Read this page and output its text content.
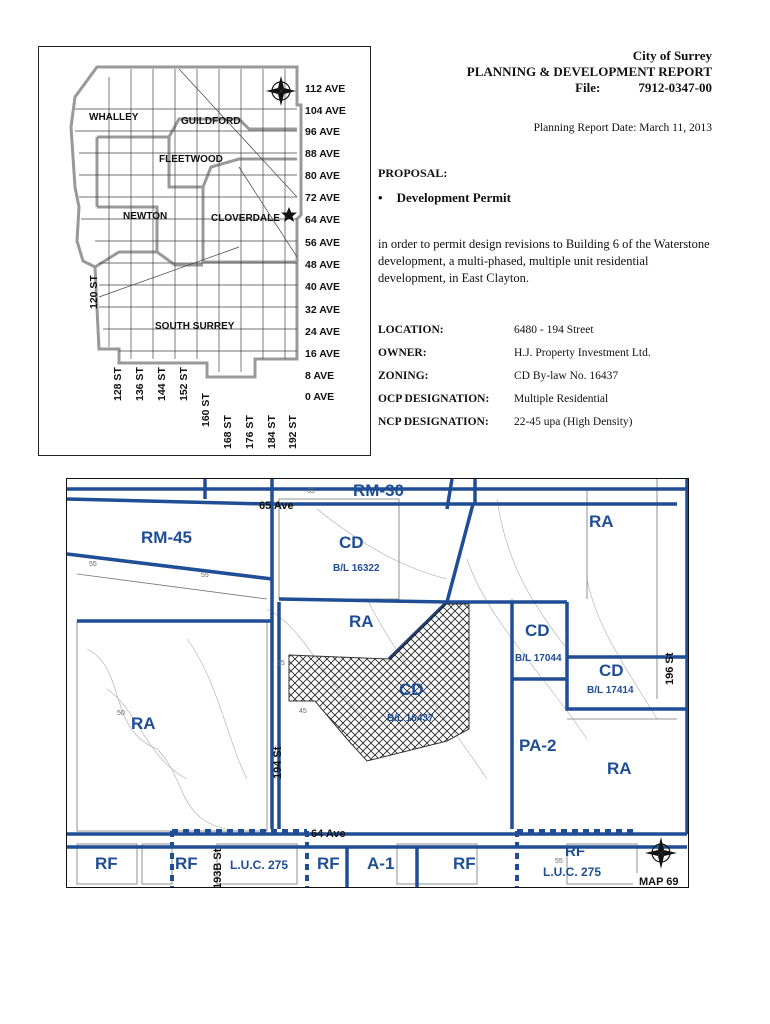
WHALLEY	GUILDFORD
FLEETWOOD
NEWTON	CLOVERDALE
SOUTH SURREY
112 AVE
104 AVE
96 AVE
88 AVE
80 AVE
72 AVE
64 AVE
56 AVE
48 AVE
40 AVE
32 AVE
24 AVE
16 AVE
8 AVE
0 AVE
120 ST
128 ST 136 ST 144 ST 152 ST
160 ST
168 ST 176 ST 184 ST 192 ST
City of Surrey
PLANNING & DEVELOPMENT REPORT
File:	7912-0347-00
Planning Report Date: March 11, 2013
PROPOSAL:
• Development Permit
in order to permit design revisions to Building 6 of the Waterstone development, a multi-phased, multiple unit residential development, in East Clayton.
LOCATION:	6480 - 194 Street
OWNER:	H.J. Property Investment Ltd.
ZONING:	CD By-law No. 16437
OCP DESIGNATION:	Multiple Residential
NCP DESIGNATION:	22-45 upa (High Density)
65 Ave
64 Ave
194 St
193B St
196 St
RM-30
RA
RM-45	CD
RA	CD
CD
RA
CD
PA-2
RA
RF	RF	L.U.C. 275 RF A-1	RF
RF
L.U.C. 275
B/L 16322
B/L 16437
B/L 17044
B/L 17414
55
55
45
65
50
55
55
MAP 69
